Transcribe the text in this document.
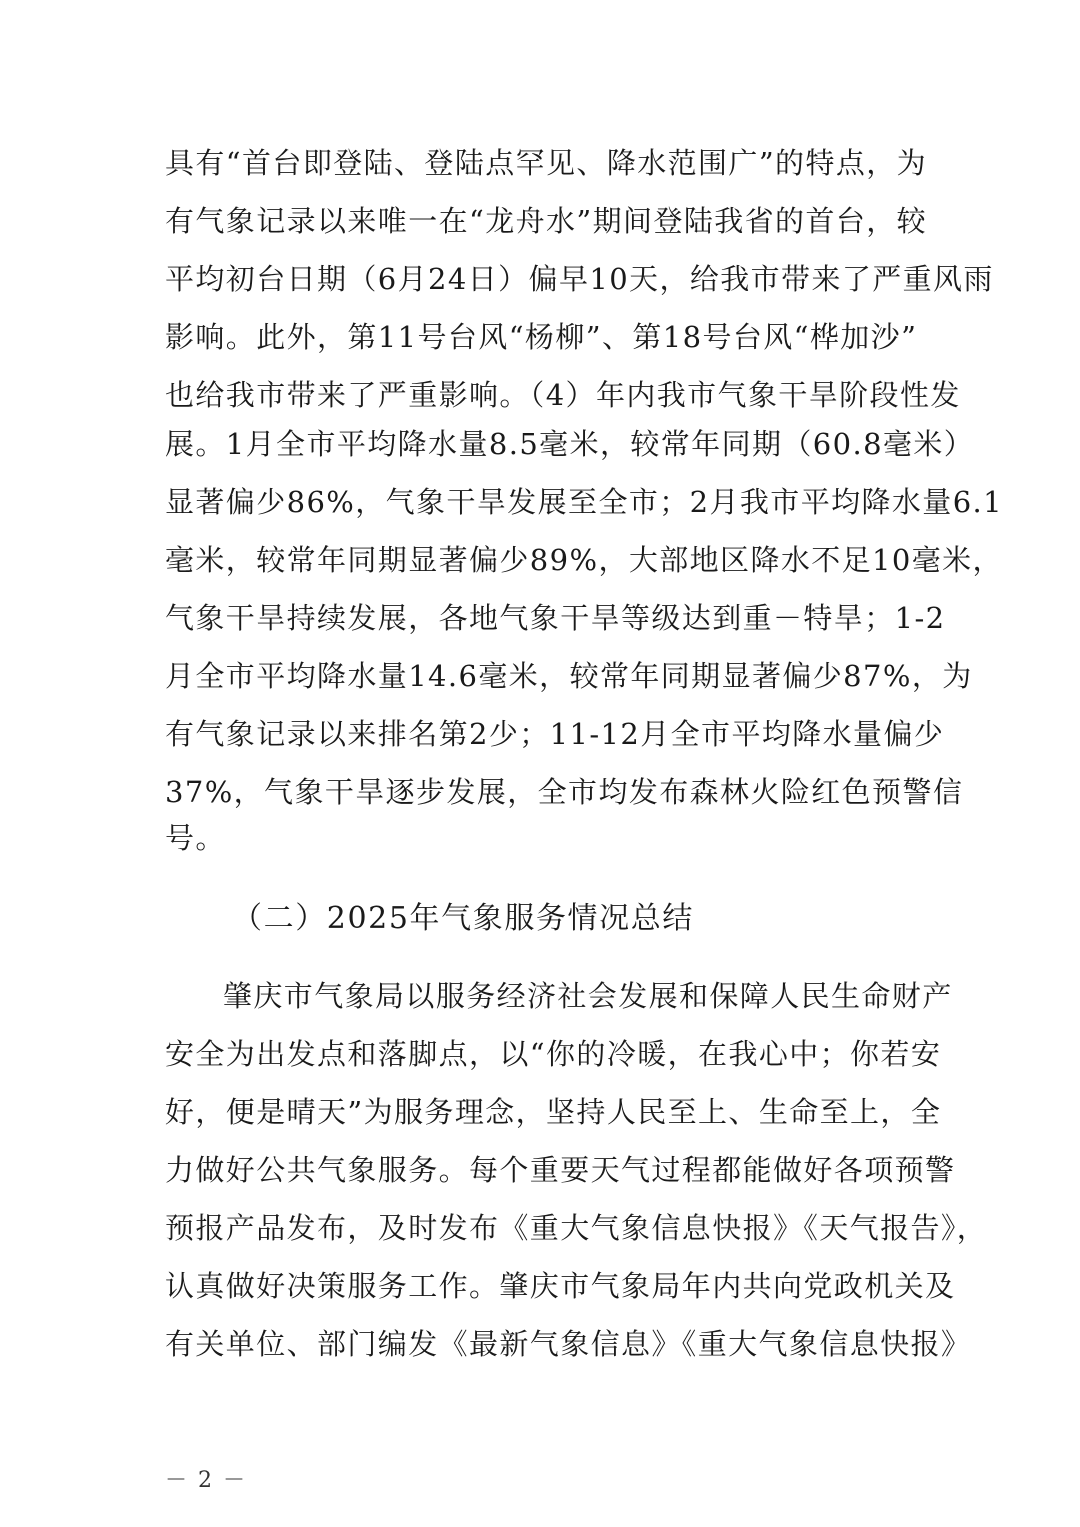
具有“首台即登陆、登陆点罕见、降水范围广”的特点，为
有气象记录以来唯一在“龙舟水”期间登陆我省的首台，较
平均初台日期（6月24日）偏早10天，给我市带来了严重风雨
影响。此外，第11号台风“杨柳”、第18号台风“桦加沙”
也给我市带来了严重影响。（4）年内我市气象干旱阶段性发
展。1月全市平均降水量8.5毫米，较常年同期（60.8毫米）
显著偏少86%，气象干旱发展至全市；2月我市平均降水量6.1
毫米，较常年同期显著偏少89%，大部地区降水不足10毫米，
气象干旱持续发展，各地气象干旱等级达到重－特旱；1-2
月全市平均降水量14.6毫米，较常年同期显著偏少87%，为
有气象记录以来排名第2少；11-12月全市平均降水量偏少
37%，气象干旱逐步发展，全市均发布森林火险红色预警信
号。
（二）2025年气象服务情况总结
肇庆市气象局以服务经济社会发展和保障人民生命财产
安全为出发点和落脚点，以“你的冷暖，在我心中；你若安
好，便是晴天”为服务理念，坚持人民至上、生命至上，全
力做好公共气象服务。每个重要天气过程都能做好各项预警
预报产品发布，及时发布《重大气象信息快报》《天气报告》，
认真做好决策服务工作。肇庆市气象局年内共向党政机关及
有关单位、部门编发《最新气象信息》《重大气象信息快报》
－ 2 －
